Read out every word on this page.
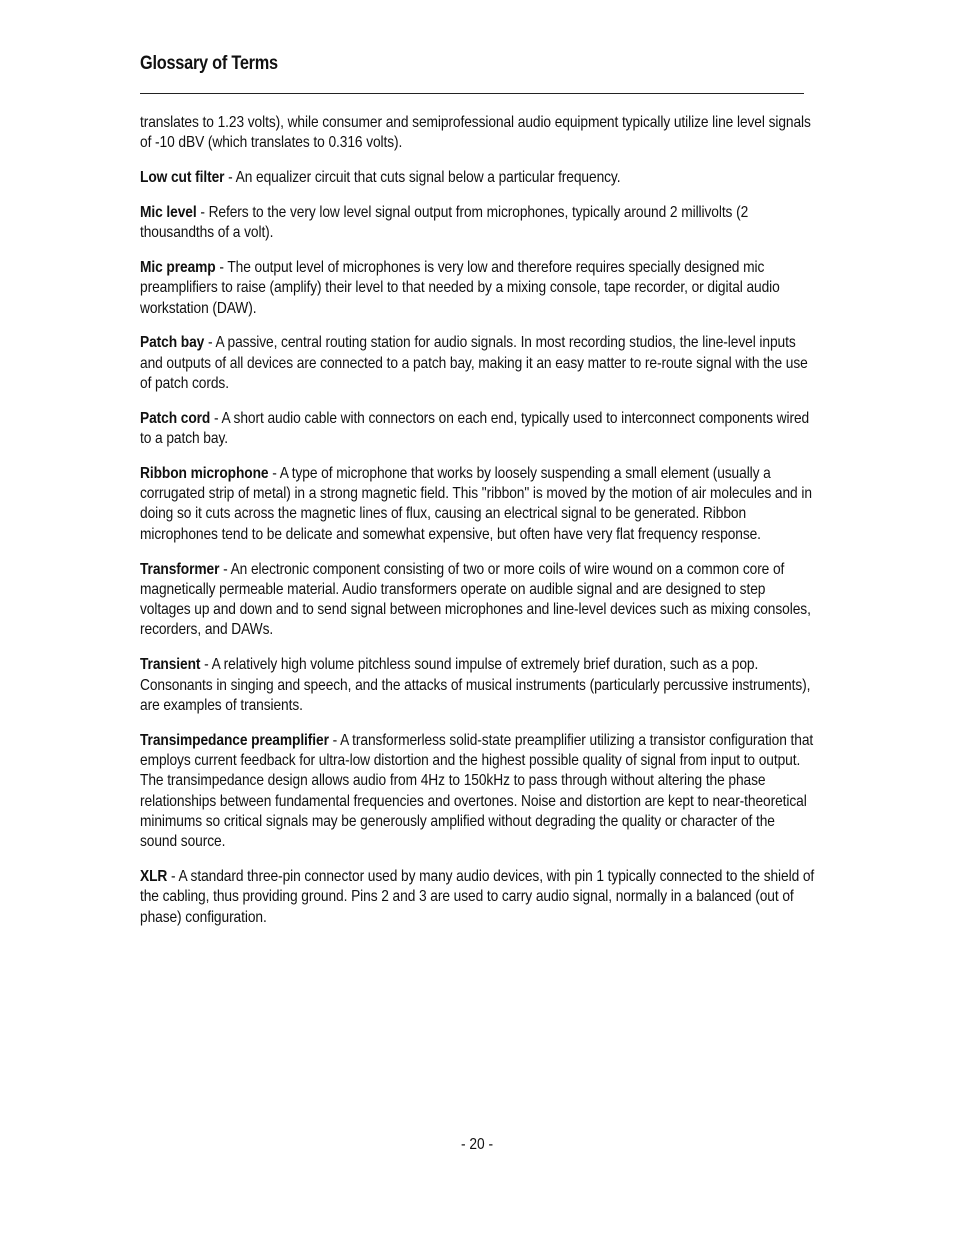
Glossary of Terms

translates to 1.23 volts), while consumer and semiprofessional audio equipment typically utilize line level signals of -10 dBV (which translates to 0.316 volts).

Low cut filter - An equalizer circuit that cuts signal below a particular frequency.

Mic level - Refers to the very low level signal output from microphones, typically around 2 millivolts (2 thousandths of a volt).

Mic preamp - The output level of microphones is very low and therefore requires specially designed mic preamplifiers to raise (amplify) their level to that needed by a mixing console, tape recorder, or digital audio workstation (DAW).

Patch bay - A passive, central routing station for audio signals. In most recording studios, the line-level inputs and outputs of all devices are connected to a patch bay, making it an easy matter to re-route signal with the use of patch cords.

Patch cord - A short audio cable with connectors on each end, typically used to interconnect components wired to a patch bay.

Ribbon microphone - A type of microphone that works by loosely suspending a small element (usually a corrugated strip of metal) in a strong magnetic field. This "ribbon" is moved by the motion of air molecules and in doing so it cuts across the magnetic lines of flux, causing an electrical signal to be generated. Ribbon microphones tend to be delicate and somewhat expensive, but often have very flat frequency response.

Transformer - An electronic component consisting of two or more coils of wire wound on a common core of magnetically permeable material. Audio transformers operate on audible signal and are designed to step voltages up and down and to send signal between microphones and line-level devices such as mixing consoles, recorders, and DAWs.

Transient - A relatively high volume pitchless sound impulse of extremely brief duration, such as a pop. Consonants in singing and speech, and the attacks of musical instruments (particularly percussive instruments), are examples of transients.

Transimpedance preamplifier - A transformerless solid-state preamplifier utilizing a transistor configuration that employs current feedback for ultra-low distortion and the highest possible quality of signal from input to output. The transimpedance design allows audio from 4Hz to 150kHz to pass through without altering the phase relationships between fundamental frequencies and overtones. Noise and distortion are kept to near-theoretical minimums so critical signals may be generously amplified without degrading the quality or character of the sound source.

XLR - A standard three-pin connector used by many audio devices, with pin 1 typically connected to the shield of the cabling, thus providing ground. Pins 2 and 3 are used to carry audio signal, normally in a balanced (out of phase) configuration.

- 20 -
